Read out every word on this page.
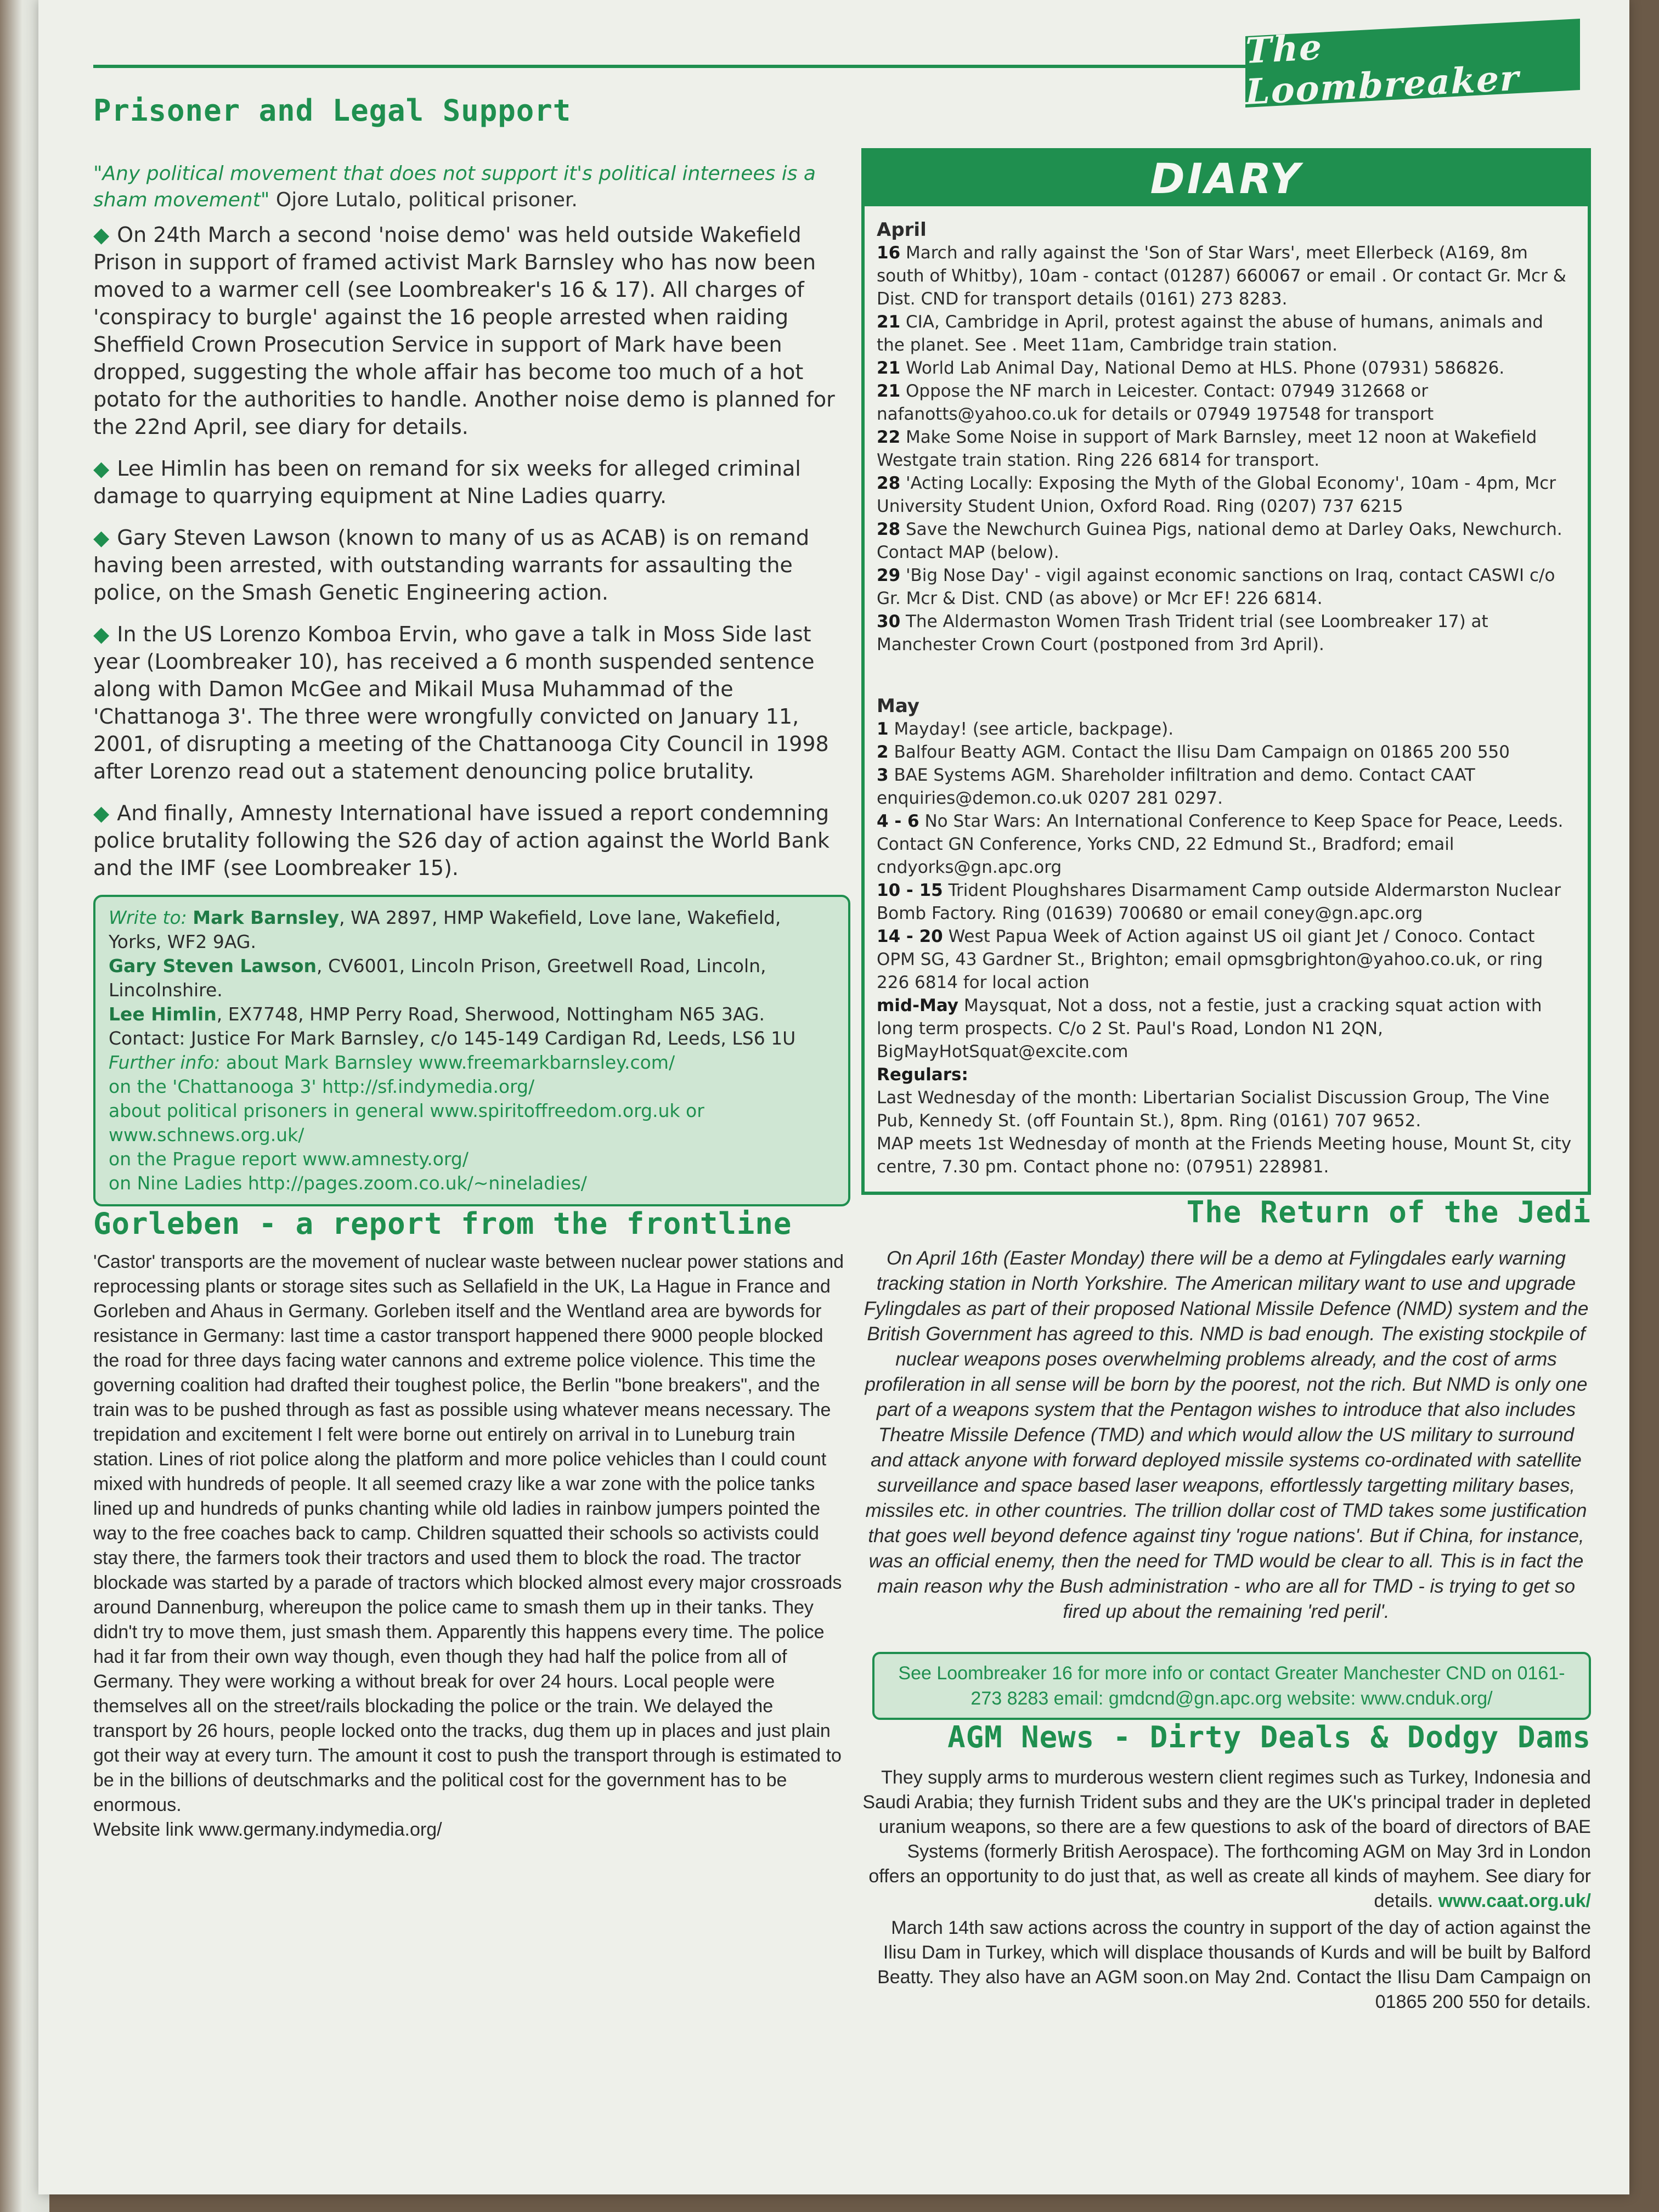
The Loombreaker
Prisoner and Legal Support

"Any political movement that does not support it's political internees is a sham movement" Ojore Lutalo, political prisoner.

◆ On 24th March a second 'noise demo' was held outside Wakefield Prison in support of framed activist Mark Barnsley who has now been moved to a warmer cell (see Loombreaker's 16 & 17). All charges of 'conspiracy to burgle' against the 16 people arrested when raiding Sheffield Crown Prosecution Service in support of Mark have been dropped, suggesting the whole affair has become too much of a hot potato for the authorities to handle. Another noise demo is planned for the 22nd April, see diary for details.

◆ Lee Himlin has been on remand for six weeks for alleged criminal damage to quarrying equipment at Nine Ladies quarry.

◆ Gary Steven Lawson (known to many of us as ACAB) is on remand having been arrested, with outstanding warrants for assaulting the police, on the Smash Genetic Engineering action.

◆ In the US Lorenzo Komboa Ervin, who gave a talk in Moss Side last year (Loombreaker 10), has received a 6 month suspended sentence along with Damon McGee and Mikail Musa Muhammad of the 'Chattanoga 3'. The three were wrongfully convicted on January 11, 2001, of disrupting a meeting of the Chattanooga City Council in 1998 after Lorenzo read out a statement denouncing police brutality.

◆ And finally, Amnesty International have issued a report condemning police brutality following the S26 day of action against the World Bank and the IMF (see Loombreaker 15).

Write to: Mark Barnsley, WA 2897, HMP Wakefield, Love lane, Wakefield, Yorks, WF2 9AG.
Gary Steven Lawson, CV6001, Lincoln Prison, Greetwell Road, Lincoln, Lincolnshire.
Lee Himlin, EX7748, HMP Perry Road, Sherwood, Nottingham N65 3AG.
Contact: Justice For Mark Barnsley, c/o 145-149 Cardigan Rd, Leeds, LS6 1U
Further info: about Mark Barnsley www.freemarkbarnsley.com/
on the 'Chattanooga 3' http://sf.indymedia.org/
about political prisoners in general www.spiritoffreedom.org.uk or www.schnews.org.uk/
on the Prague report www.amnesty.org/
on Nine Ladies http://pages.zoom.co.uk/~nineladies/
Gorleben - a report from the frontline

'Castor' transports are the movement of nuclear waste between nuclear power stations and reprocessing plants or storage sites such as Sellafield in the UK, La Hague in France and Gorleben and Ahaus in Germany. Gorleben itself and the Wentland area are bywords for resistance in Germany: last time a castor transport happened there 9000 people blocked the road for three days facing water cannons and extreme police violence. This time the governing coalition had drafted their toughest police, the Berlin "bone breakers", and the train was to be pushed through as fast as possible using whatever means necessary. The trepidation and excitement I felt were borne out entirely on arrival in to Luneburg train station. Lines of riot police along the platform and more police vehicles than I could count mixed with hundreds of people. It all seemed crazy like a war zone with the police tanks lined up and hundreds of punks chanting while old ladies in rainbow jumpers pointed the way to the free coaches back to camp. Children squatted their schools so activists could stay there, the farmers took their tractors and used them to block the road. The tractor blockade was started by a parade of tractors which blocked almost every major crossroads around Dannenburg, whereupon the police came to smash them up in their tanks. They didn't try to move them, just smash them. Apparently this happens every time. The police had it far from their own way though, even though they had half the police from all of Germany. They were working a without break for over 24 hours. Local people were themselves all on the street/rails blockading the police or the train. We delayed the transport by 26 hours, people locked onto the tracks, dug them up in places and just plain got their way at every turn. The amount it cost to push the transport through is estimated to be in the billions of deutschmarks and the political cost for the government has to be enormous.

Website link www.germany.indymedia.org/

DIARY
April
16 March and rally against the 'Son of Star Wars', meet Ellerbeck (A169, 8m south of Whitby), 10am - contact (01287) 660067 or email . Or contact Gr. Mcr & Dist. CND for transport details (0161) 273 8283.
21 CIA, Cambridge in April, protest against the abuse of humans, animals and the planet. See . Meet 11am, Cambridge train station.
21 World Lab Animal Day, National Demo at HLS. Phone (07931) 586826.
21 Oppose the NF march in Leicester. Contact: 07949 312668 or nafanotts@yahoo.co.uk for details or 07949 197548 for transport
22 Make Some Noise in support of Mark Barnsley, meet 12 noon at Wakefield Westgate train station. Ring 226 6814 for transport.
28 'Acting Locally: Exposing the Myth of the Global Economy', 10am - 4pm, Mcr University Student Union, Oxford Road. Ring (0207) 737 6215
28 Save the Newchurch Guinea Pigs, national demo at Darley Oaks, Newchurch. Contact MAP (below).
29 'Big Nose Day' - vigil against economic sanctions on Iraq, contact CASWI c/o Gr. Mcr & Dist. CND (as above) or Mcr EF! 226 6814.
30 The Aldermaston Women Trash Trident trial (see Loombreaker 17) at Manchester Crown Court (postponed from 3rd April).
May
1 Mayday! (see article, backpage).
2 Balfour Beatty AGM. Contact the Ilisu Dam Campaign on 01865 200 550
3 BAE Systems AGM. Shareholder infiltration and demo. Contact CAAT enquiries@demon.co.uk 0207 281 0297.
4 - 6 No Star Wars: An International Conference to Keep Space for Peace, Leeds. Contact GN Conference, Yorks CND, 22 Edmund St., Bradford; email cndyorks@gn.apc.org
10 - 15 Trident Ploughshares Disarmament Camp outside Aldermarston Nuclear Bomb Factory. Ring (01639) 700680 or email coney@gn.apc.org
14 - 20 West Papua Week of Action against US oil giant Jet / Conoco. Contact OPM SG, 43 Gardner St., Brighton; email opmsgbrighton@yahoo.co.uk, or ring 226 6814 for local action
mid-May Maysquat, Not a doss, not a festie, just a cracking squat action with long term prospects. C/o 2 St. Paul's Road, London N1 2QN, BigMayHotSquat@excite.com
Regulars:
Last Wednesday of the month: Libertarian Socialist Discussion Group, The Vine Pub, Kennedy St. (off Fountain St.), 8pm. Ring (0161) 707 9652.
MAP meets 1st Wednesday of month at the Friends Meeting house, Mount St, city centre, 7.30 pm. Contact phone no: (07951) 228981.
The Return of the Jedi

On April 16th (Easter Monday) there will be a demo at Fylingdales early warning tracking station in North Yorkshire. The American military want to use and upgrade Fylingdales as part of their proposed National Missile Defence (NMD) system and the British Government has agreed to this. NMD is bad enough. The existing stockpile of nuclear weapons poses overwhelming problems already, and the cost of arms profileration in all sense will be born by the poorest, not the rich. But NMD is only one part of a weapons system that the Pentagon wishes to introduce that also includes Theatre Missile Defence (TMD) and which would allow the US military to surround and attack anyone with forward deployed missile systems co-ordinated with satellite surveillance and space based laser weapons, effortlessly targetting military bases, missiles etc. in other countries. The trillion dollar cost of TMD takes some justification that goes well beyond defence against tiny 'rogue nations'. But if China, for instance, was an official enemy, then the need for TMD would be clear to all. This is in fact the main reason why the Bush administration - who are all for TMD - is trying to get so fired up about the remaining 'red peril'.

See Loombreaker 16 for more info or contact Greater Manchester CND on 0161-273 8283 email: gmdcnd@gn.apc.org website: www.cnduk.org/
AGM News - Dirty Deals & Dodgy Dams

They supply arms to murderous western client regimes such as Turkey, Indonesia and Saudi Arabia; they furnish Trident subs and they are the UK's principal trader in depleted uranium weapons, so there are a few questions to ask of the board of directors of BAE Systems (formerly British Aerospace). The forthcoming AGM on May 3rd in London offers an opportunity to do just that, as well as create all kinds of mayhem. See diary for details. www.caat.org.uk/

March 14th saw actions across the country in support of the day of action against the Ilisu Dam in Turkey, which will displace thousands of Kurds and will be built by Balford Beatty. They also have an AGM soon.on May 2nd. Contact the Ilisu Dam Campaign on 01865 200 550 for details.
